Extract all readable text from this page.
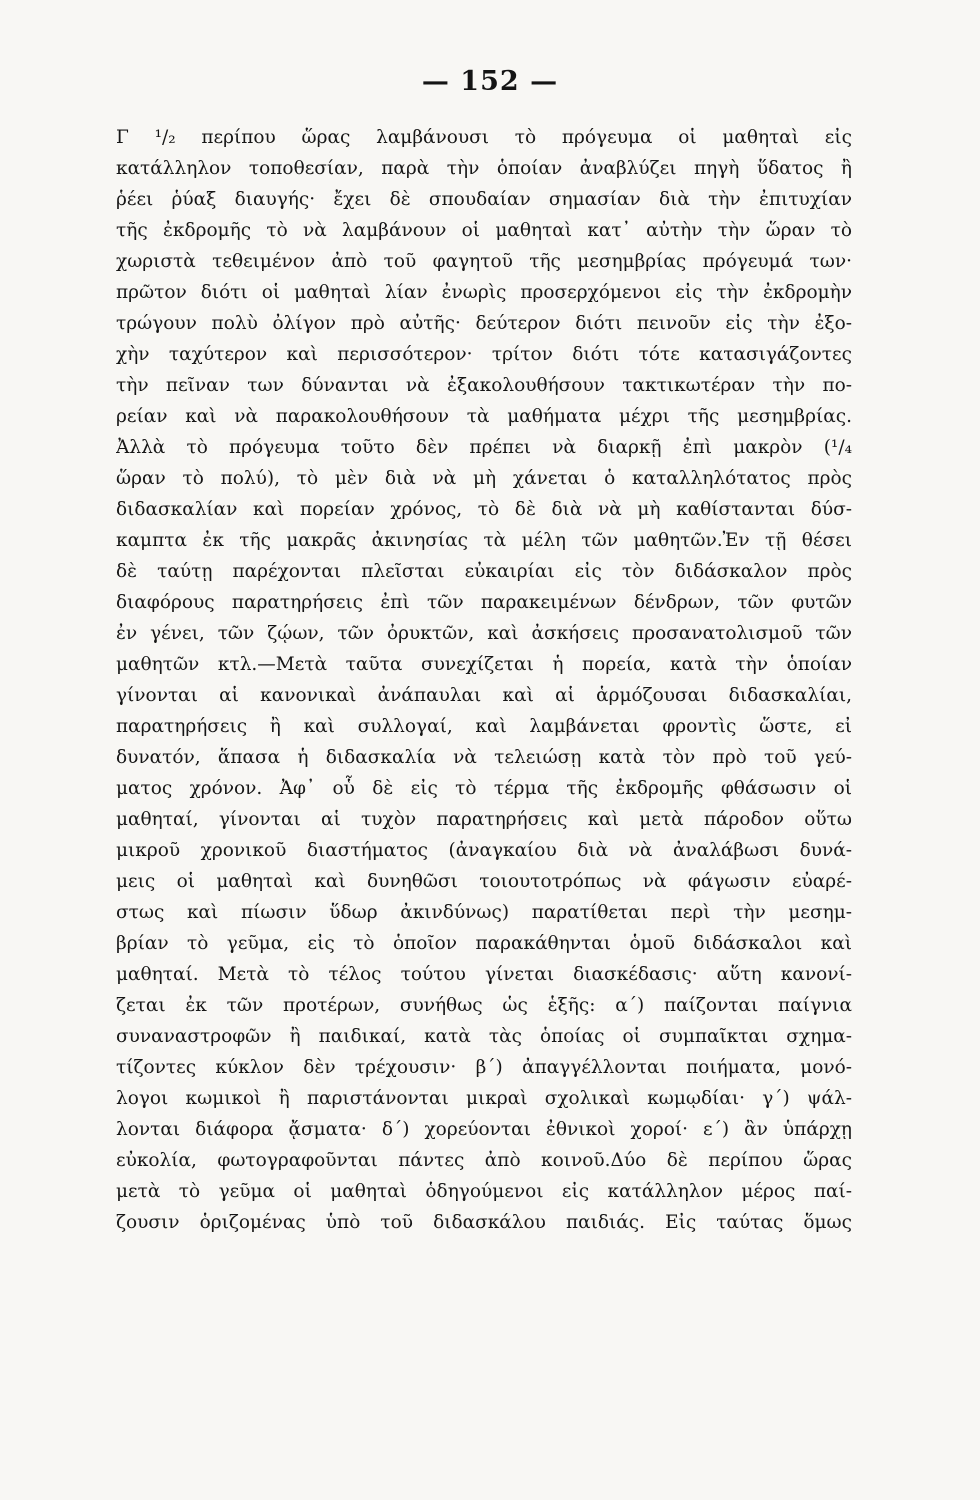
— 152 —
Γ ¹/₂ περίπου ὥρας λαμβάνουσι τὸ πρόγευμα οἱ μαθηταὶ εἰς
κατάλληλον τοποθεσίαν, παρὰ τὴν ὁποίαν ἀναβλύζει πηγὴ ὕδατος ἢ
ῥέει ῥύαξ διαυγής· ἔχει δὲ σπουδαίαν σημασίαν διὰ τὴν ἐπιτυχίαν
τῆς ἐκδρομῆς τὸ νὰ λαμβάνουν οἱ μαθηταὶ κατ᾽ αὐτὴν τὴν ὥραν τὸ
χωριστὰ τεθειμένον ἀπὸ τοῦ φαγητοῦ τῆς μεσημβρίας πρόγευμά των·
πρῶτον διότι οἱ μαθηταὶ λίαν ἐνωρὶς προσερχόμενοι εἰς τὴν ἐκδρομὴν
τρώγουν πολὺ ὀλίγον πρὸ αὐτῆς· δεύτερον διότι πεινοῦν εἰς τὴν ἐξο-
χὴν ταχύτερον καὶ περισσότερον· τρίτον διότι τότε κατασιγάζοντες
τὴν πεῖναν των δύνανται νὰ ἐξακολουθήσουν τακτικωτέραν τὴν πο-
ρείαν καὶ νὰ παρακολουθήσουν τὰ μαθήματα μέχρι τῆς μεσημβρίας.
Ἀλλὰ τὸ πρόγευμα τοῦτο δὲν πρέπει νὰ διαρκῇ ἐπὶ μακρὸν (¹/₄
ὥραν τὸ πολύ), τὸ μὲν διὰ νὰ μὴ χάνεται ὁ καταλληλότατος πρὸς
διδασκαλίαν καὶ πορείαν χρόνος, τὸ δὲ διὰ νὰ μὴ καθίστανται δύσ-
καμπτα ἐκ τῆς μακρᾶς ἀκινησίας τὰ μέλη τῶν μαθητῶν.Ἐν τῇ θέσει
δὲ ταύτῃ παρέχονται πλεῖσται εὐκαιρίαι εἰς τὸν διδάσκαλον πρὸς
διαφόρους παρατηρήσεις ἐπὶ τῶν παρακειμένων δένδρων, τῶν φυτῶν
ἐν γένει, τῶν ζῴων, τῶν ὀρυκτῶν, καὶ ἀσκήσεις προσανατολισμοῦ τῶν
μαθητῶν κτλ.—Μετὰ ταῦτα συνεχίζεται ἡ πορεία, κατὰ τὴν ὁποίαν
γίνονται αἱ κανονικαὶ ἀνάπαυλαι καὶ αἱ ἁρμόζουσαι διδασκαλίαι,
παρατηρήσεις ἢ καὶ συλλογαί, καὶ λαμβάνεται φροντὶς ὥστε, εἰ
δυνατόν, ἅπασα ἡ διδασκαλία νὰ τελειώσῃ κατὰ τὸν πρὸ τοῦ γεύ-
ματος χρόνον. Ἀφ᾽ οὗ δὲ εἰς τὸ τέρμα τῆς ἐκδρομῆς φθάσωσιν οἱ
μαθηταί, γίνονται αἱ τυχὸν παρατηρήσεις καὶ μετὰ πάροδον οὕτω
μικροῦ χρονικοῦ διαστήματος (ἀναγκαίου διὰ νὰ ἀναλάβωσι δυνά-
μεις οἱ μαθηταὶ καὶ δυνηθῶσι τοιουτοτρόπως νὰ φάγωσιν εὐαρέ-
στως καὶ πίωσιν ὕδωρ ἀκινδύνως) παρατίθεται περὶ τὴν μεσημ-
βρίαν τὸ γεῦμα, εἰς τὸ ὁποῖον παρακάθηνται ὁμοῦ διδάσκαλοι καὶ
μαθηταί. Μετὰ τὸ τέλος τούτου γίνεται διασκέδασις· αὕτη κανονί-
ζεται ἐκ τῶν προτέρων, συνήθως ὡς ἑξῆς: α΄) παίζονται παίγνια
συναναστροφῶν ἢ παιδικαί, κατὰ τὰς ὁποίας οἱ συμπαῖκται σχημα-
τίζοντες κύκλον δὲν τρέχουσιν· β΄) ἀπαγγέλλονται ποιήματα, μονό-
λογοι κωμικοὶ ἢ παριστάνονται μικραὶ σχολικαὶ κωμῳδίαι· γ΄) ψάλ-
λονται διάφορα ᾄσματα· δ΄) χορεύονται ἐθνικοὶ χοροί· ε΄) ἂν ὑπάρχῃ
εὐκολία, φωτογραφοῦνται πάντες ἀπὸ κοινοῦ.Δύο δὲ περίπου ὥρας
μετὰ τὸ γεῦμα οἱ μαθηταὶ ὁδηγούμενοι εἰς κατάλληλον μέρος παί-
ζουσιν ὁριζομένας ὑπὸ τοῦ διδασκάλου παιδιάς. Εἰς ταύτας ὅμως
